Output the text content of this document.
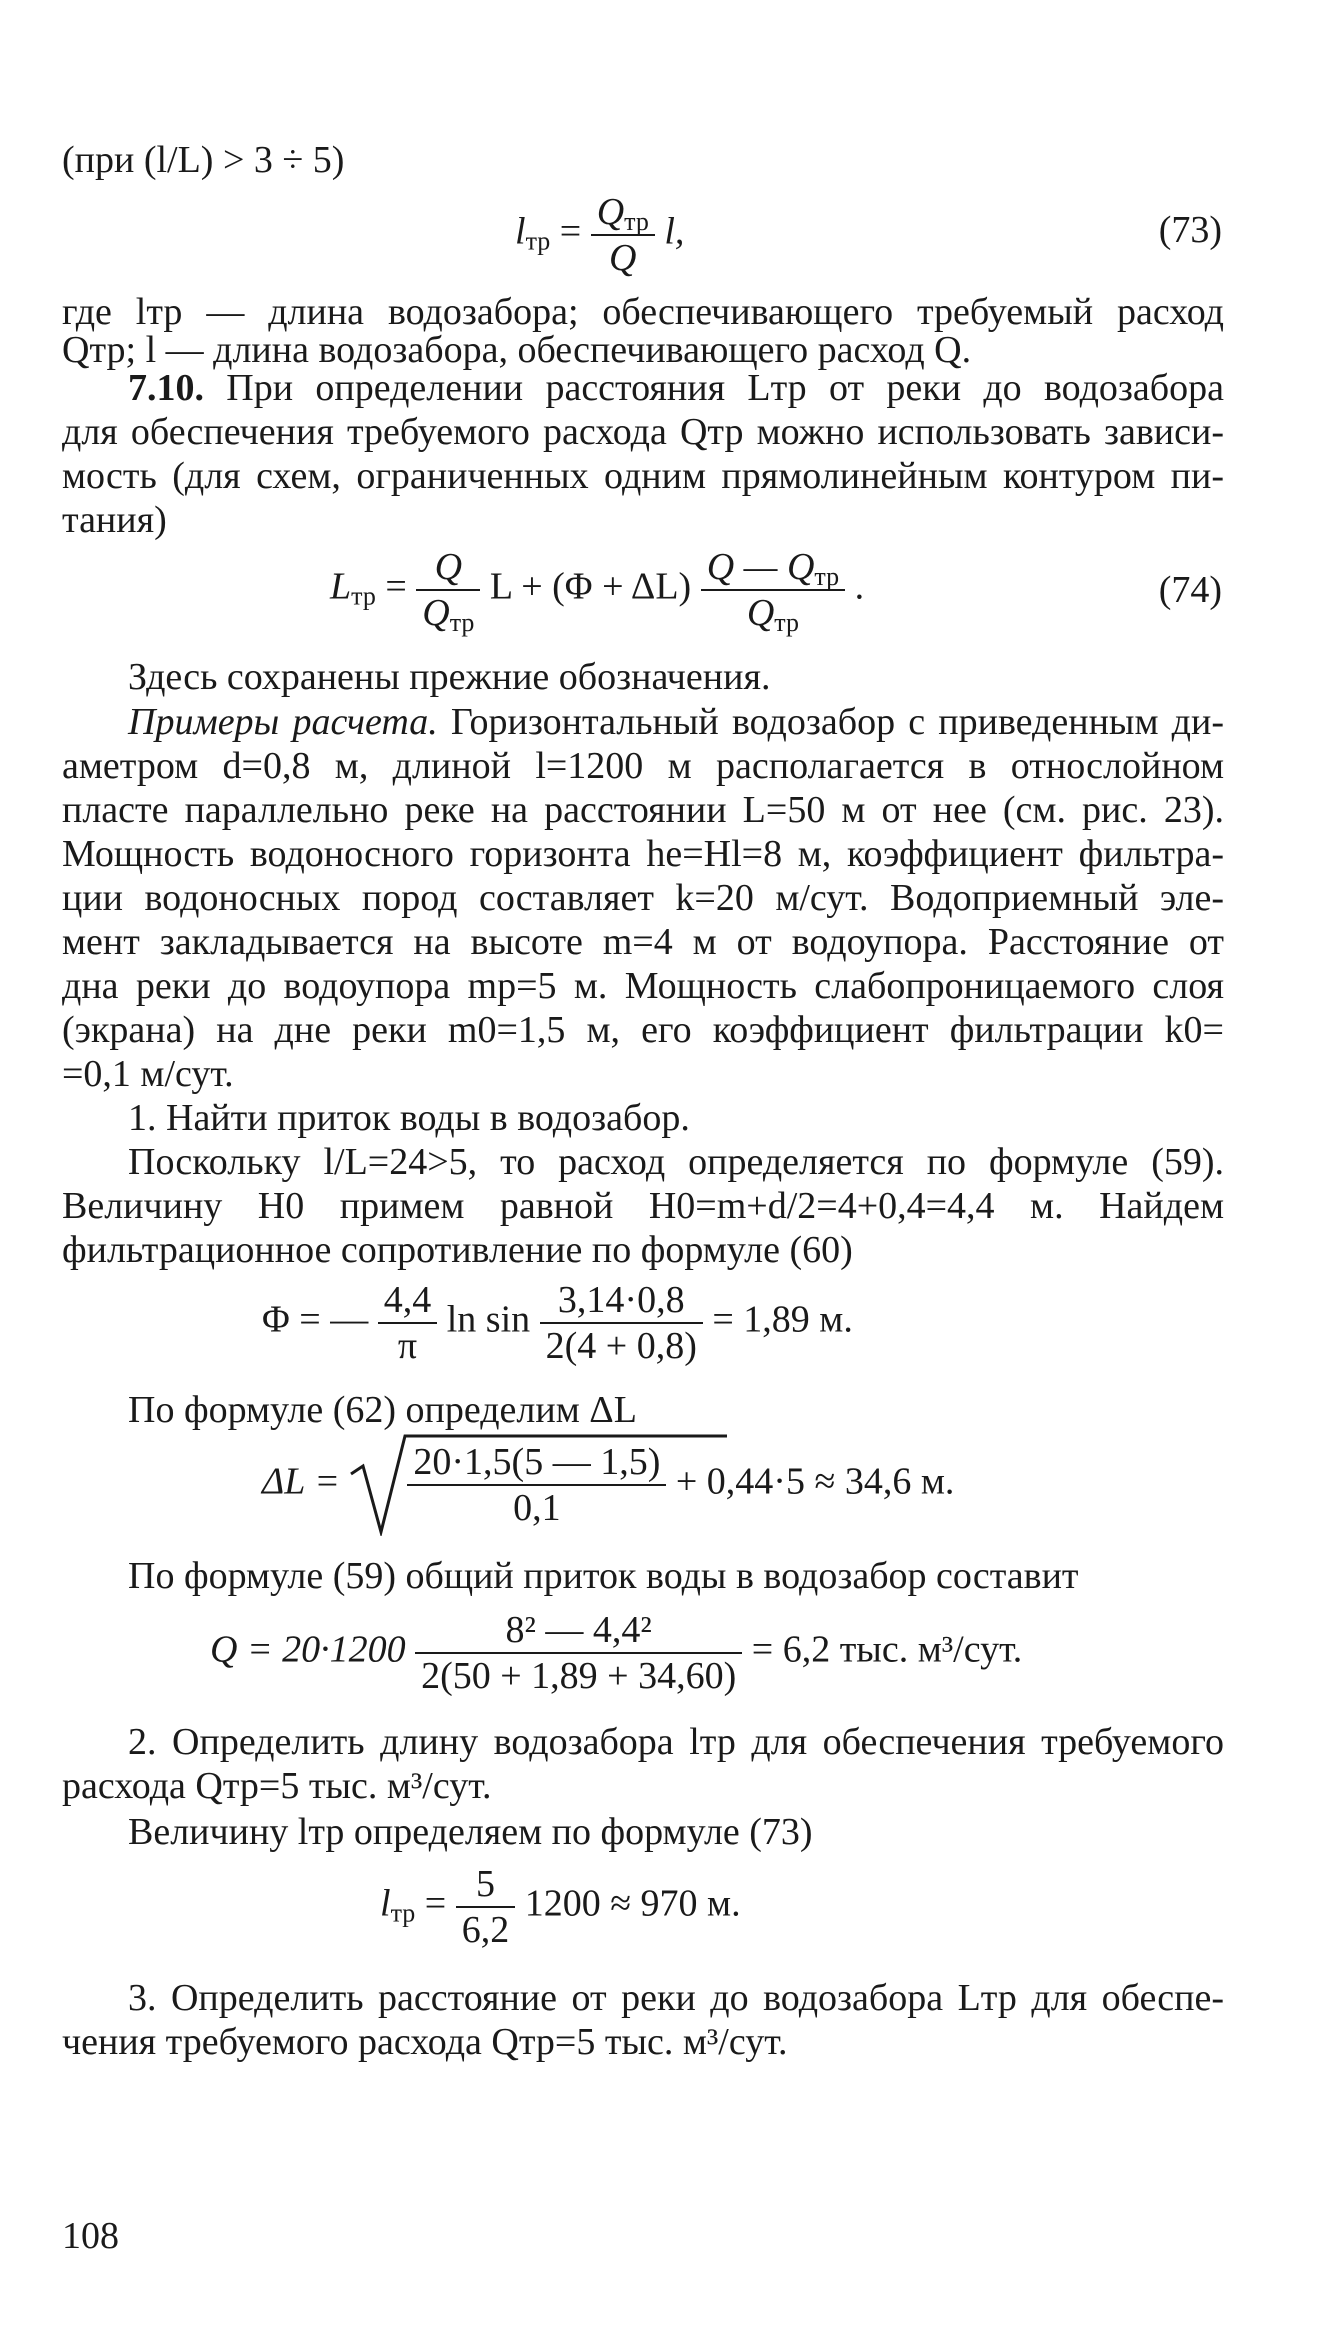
(при (l/L) > 3 ÷ 5)
$l_{тр} = \frac{Q_{тр}}{Q} l$,	(73)
где lтр — длина водозабора; обеспечивающего требуемый расход
Qтр; l — длина водозабора, обеспечивающего расход Q.
7.10. При определении расстояния Lтр от реки до водозабора
для обеспечения требуемого расхода Qтр можно использовать зависи-
мость (для схем, ограниченных одним прямолинейным контуром пи-
тания)
$L_{тр} = \frac{Q}{Q_{тр}}$ $L + (\Phi + \Delta L) \frac{Q — Q_{тр}}{Q_{тр}}$ .	(74)
Здесь сохранены прежние обозначения.
Примеры расчета. Горизонтальный водозабор с приведенным ди-
аметром d=0,8 м, длиной l=1200 м располагается в относлойном
пласте параллельно реке на расстоянии L=50 м от нее (см. рис. 23).
Мощность водоносного горизонта he=Hl=8 м, коэффициент фильтра-
ции водоносных пород составляет k=20 м/сут. Водоприемный эле-
мент закладывается на высоте m=4 м от водоупора. Расстояние от
дна реки до водоупора mp=5 м. Мощность слабопроницаемого слоя
(экрана) на дне реки m0=1,5 м, его коэффициент фильтрации k0=
=0,1 м/сут.
1. Найти приток воды в водозабор.
Поскольку l/L=24>5, то расход определяется по формуле (59).
Величину H0 примем равной H0=m+d/2=4+0,4=4,4 м. Найдем
фильтрационное сопротивление по формуле (60)
Φ = — $\frac{4,4}{\pi}$ $\ln \sin \frac{3,14\cdot 0,8}{2(4 + 0,8)} = 1,89$ м.
По формуле (62) определим ΔL
$\Delta L = \frac{20\cdot 1,5(5 — 1,5)}{0,1} + 0,44\cdot 5 \approx 34,6$ м.
По формуле (59) общий приток воды в водозабор составит
$Q = 20\cdot 1200 \frac{\text{8² — 4,4²}}{2(50 + 1,89 + 34,60)} = 6,2$ тыс. м³/сут.
2. Определить длину водозабора lтр для обеспечения требуемого
расхода Qтр=5 тыс. м³/сут.
Величину lтр определяем по формуле (73)
$l_{тр} = \frac{5}{6,2} 1200 \approx 970$ м.
3. Определить расстояние от реки до водозабора Lтр для обеспе-
чения требуемого расхода Qтр=5 тыс. м³/сут.
108
